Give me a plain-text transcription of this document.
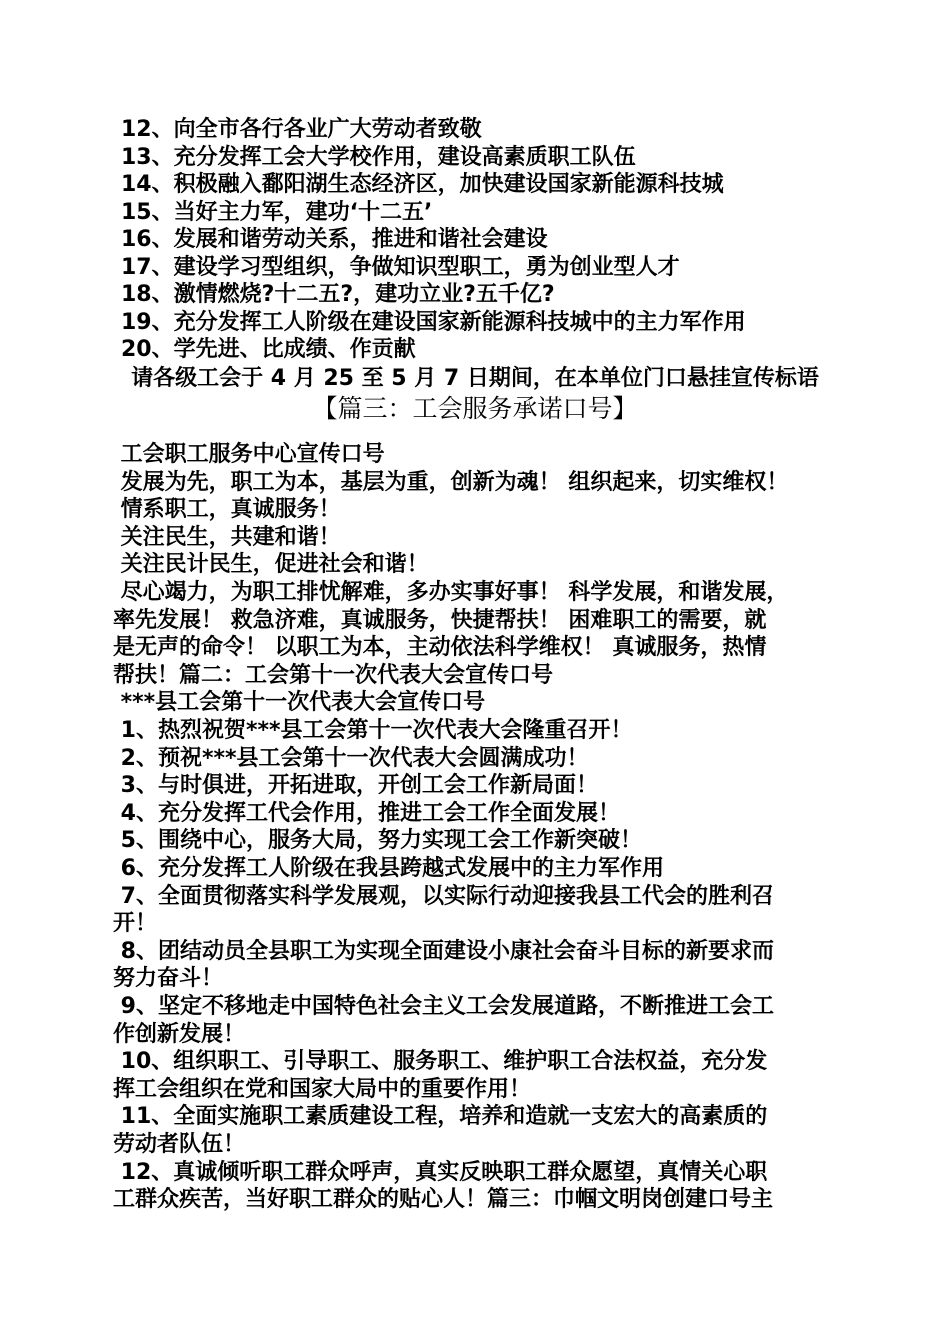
12、向全市各行各业广大劳动者致敬

13、充分发挥工会大学校作用，建设高素质职工队伍

14、积极融入鄱阳湖生态经济区，加快建设国家新能源科技城

15、当好主力军，建功‘十二五’

16、发展和谐劳动关系，推进和谐社会建设

17、建设学习型组织，争做知识型职工，勇为创业型人才

18、激情燃烧?十二五?，建功立业?五千亿?

19、充分发挥工人阶级在建设国家新能源科技城中的主力军作用

20、学先进、比成绩、作贡献

请各级工会于 4 月 25 至 5 月 7 日期间，在本单位门口悬挂宣传标语

【篇三：工会服务承诺口号】

工会职工服务中心宣传口号

发展为先，职工为本，基层为重，创新为魂！ 组织起来，切实维权！

情系职工，真诚服务！

关注民生，共建和谐！

关注民计民生，促进社会和谐！

尽心竭力，为职工排忧解难，多办实事好事！ 科学发展，和谐发展，

率先发展！ 救急济难，真诚服务，快捷帮扶！ 困难职工的需要，就

是无声的命令！ 以职工为本，主动依法科学维权！ 真诚服务，热情

帮扶！篇二：工会第十一次代表大会宣传口号

***县工会第十一次代表大会宣传口号

1、热烈祝贺***县工会第十一次代表大会隆重召开！

2、预祝***县工会第十一次代表大会圆满成功！

3、与时俱进，开拓进取，开创工会工作新局面！

4、充分发挥工代会作用，推进工会工作全面发展！

5、围绕中心，服务大局，努力实现工会工作新突破！

6、充分发挥工人阶级在我县跨越式发展中的主力军作用

7、全面贯彻落实科学发展观，以实际行动迎接我县工代会的胜利召

开！

8、团结动员全县职工为实现全面建设小康社会奋斗目标的新要求而

努力奋斗！

9、坚定不移地走中国特色社会主义工会发展道路，不断推进工会工

作创新发展！

10、组织职工、引导职工、服务职工、维护职工合法权益，充分发

挥工会组织在党和国家大局中的重要作用！

11、全面实施职工素质建设工程，培养和造就一支宏大的高素质的

劳动者队伍！

12、真诚倾听职工群众呼声，真实反映职工群众愿望，真情关心职

工群众疾苦，当好职工群众的贴心人！篇三：巾帼文明岗创建口号主
